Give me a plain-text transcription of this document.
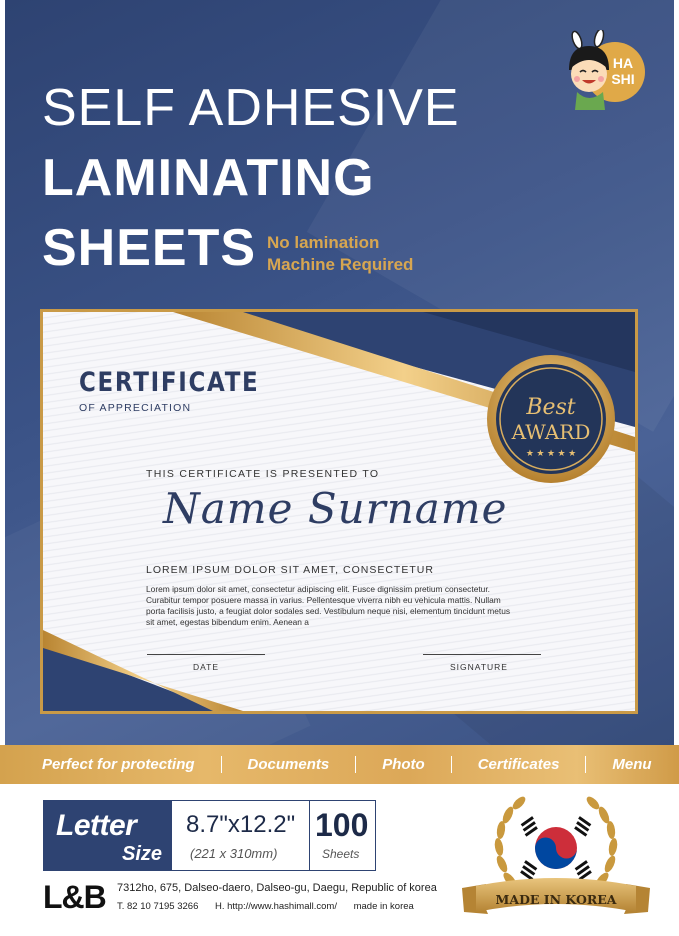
SELF ADHESIVE
LAMINATING
SHEETS No lamination
Machine Required
HA
SHI
CERTIFICATE
OF APPRECIATION
THIS CERTIFICATE IS PRESENTED TO
Name Surname
LOREM IPSUM DOLOR SIT AMET, CONSECTETUR
Lorem ipsum dolor sit amet, consectetur adipiscing elit. Fusce dignissim pretium consectetur. Curabitur tempor posuere massa in varius. Pellentesque viverra nibh eu vehicula mattis. Nullam porta facilisis justo, a feugiat dolor sodales sed. Vestibulum neque nisi, elementum tincidunt metus sit amet, egestas bibendum enim. Aenean a
DATE	SIGNATURE
Best
AWARD
★ ★ ★ ★ ★
Perfect for protecting	Documents	Photo	Certificates	Menu
Letter
Size
8.7"x12.2"
(221 x 310mm)
100
Sheets
L&B 7312ho, 675, Dalseo-daero, Dalseo-gu, Daegu, Republic of korea
T. 82 10 7195 3266 H. http://www.hashimall.com/ made in korea	MADE IN KOREA
